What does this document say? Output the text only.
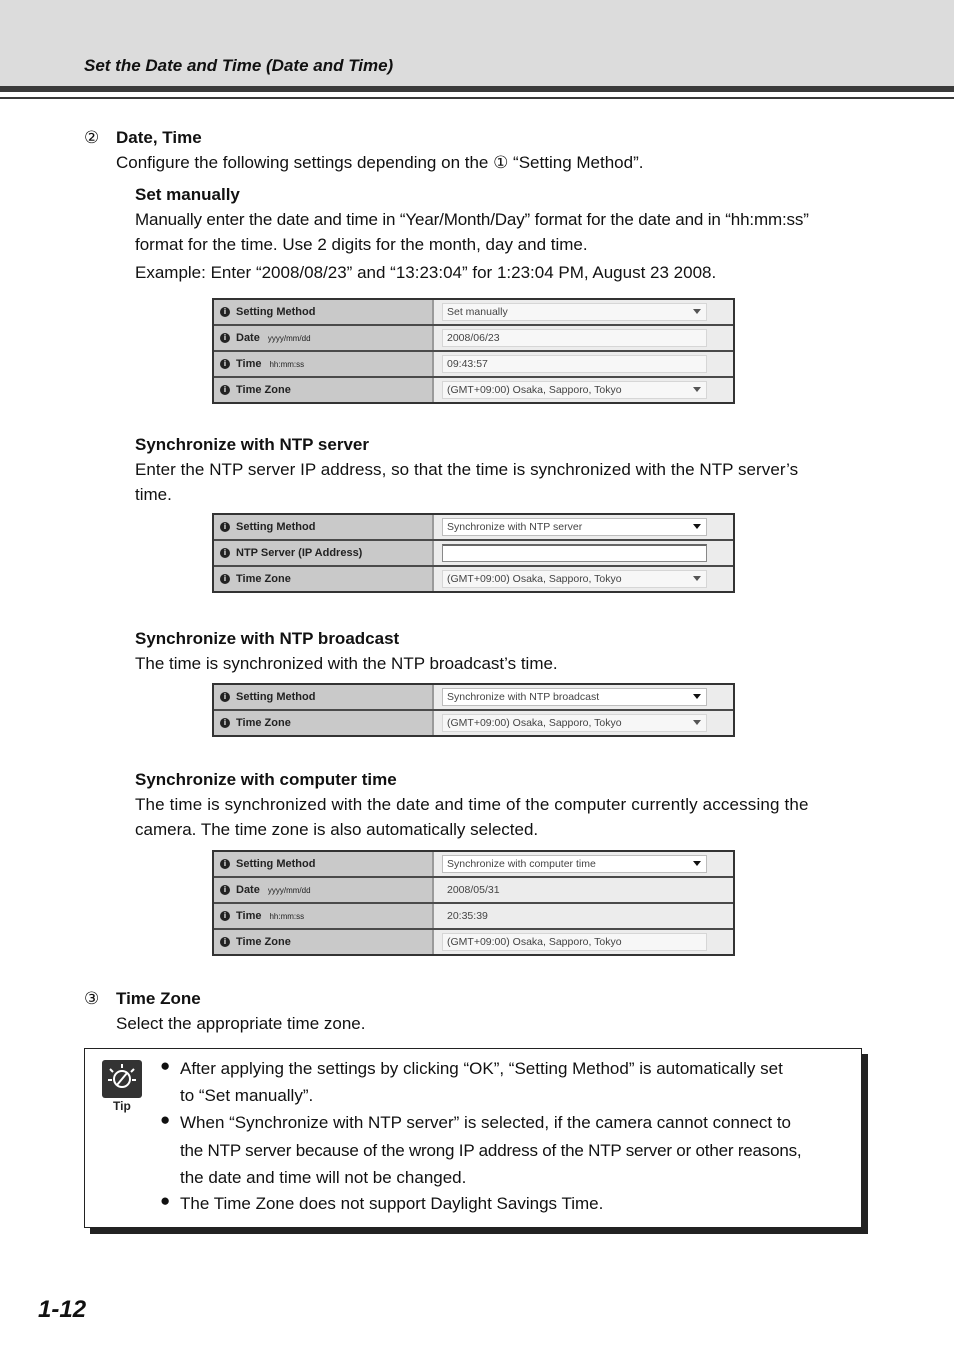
Set the Date and Time (Date and Time)
② Date, Time
Configure the following settings depending on the ① “Setting Method”.
Set manually
Manually enter the date and time in “Year/Month/Day” format for the date and in “hh:mm:ss”
format for the time. Use 2 digits for the month, day and time.
Example: Enter “2008/08/23” and “13:23:04” for 1:23:04 PM, August 23 2008.
i Setting Method	Set manually
i Date yyyy/mm/dd	2008/06/23
i Time hh:mm:ss	09:43:57
i Time Zone	(GMT+09:00) Osaka, Sapporo, Tokyo
Synchronize with NTP server
Enter the NTP server IP address, so that the time is synchronized with the NTP server’s
time.
i Setting Method	Synchronize with NTP server
i NTP Server (IP Address)
i Time Zone	(GMT+09:00) Osaka, Sapporo, Tokyo
Synchronize with NTP broadcast
The time is synchronized with the NTP broadcast’s time.
i Setting Method	Synchronize with NTP broadcast
i Time Zone	(GMT+09:00) Osaka, Sapporo, Tokyo
Synchronize with computer time
The time is synchronized with the date and time of the computer currently accessing the
camera. The time zone is also automatically selected.
i Setting Method	Synchronize with computer time
i Date yyyy/mm/dd	2008/05/31
i Time hh:mm:ss	20:35:39
i Time Zone	(GMT+09:00) Osaka, Sapporo, Tokyo
③ Time Zone
Select the appropriate time zone.
Tip
● After applying the settings by clicking “OK”, “Setting Method” is automatically set
to “Set manually”.
● When “Synchronize with NTP server” is selected, if the camera cannot connect to
the NTP server because of the wrong IP address of the NTP server or other reasons,
the date and time will not be changed.
● The Time Zone does not support Daylight Savings Time.
1-12
